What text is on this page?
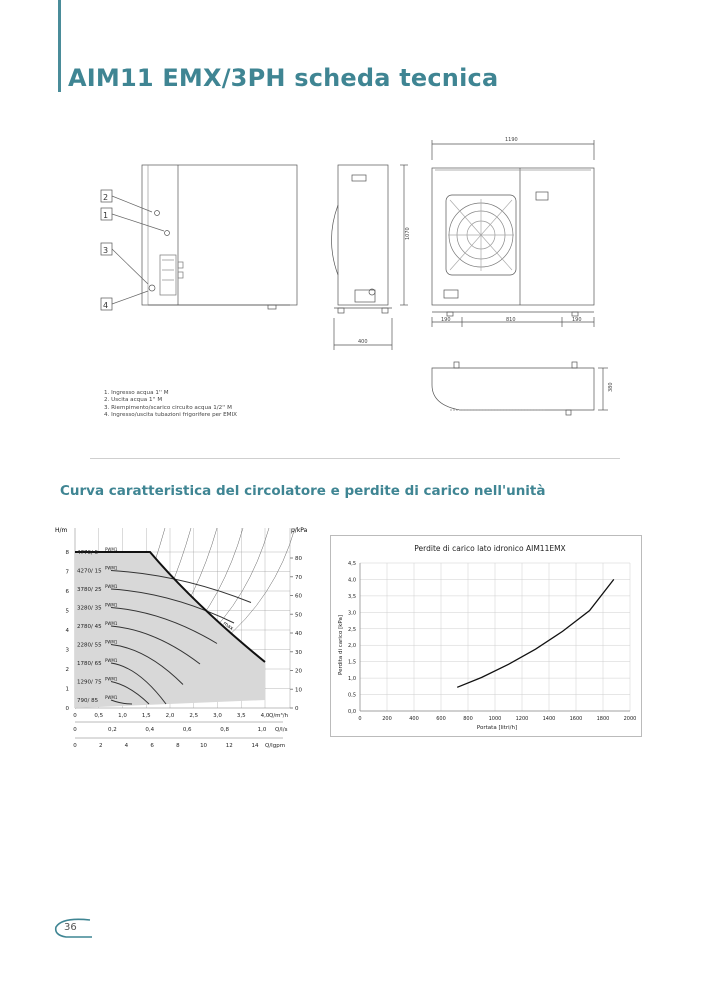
AIM11 EMX/3PH scheda tecnica
2
1
3
4
1190
1070
400
190	810	190
380
1. Ingresso acqua 1'' M
2. Uscita acqua 1'' M
3. Riempimento/scarico circuito acqua 1/2'' M
4. Ingresso/uscita tubazioni frigorifere per EMIX
Curva caratteristica del circolatore e perdite di carico nell'unità
4770/ 5
PWM1
4270/ 15
PWM1
3780/ 25
PWM1
3280/ 35
PWM1
2780/ 45
PWM1
2280/ 55
PWM1
1780/ 65
PWM1
1290/ 75
PWM1
790/ 85
PWM1
8
7
6
5
4
3
2
1
0
80
70
60
50
40
30
20
10
0
0	0,5	1,0	1,5	2,0	2,5	3,0	3,5	4,0 Q/m³/h
0	0,2	0,4	0,6	0,8	1,0 Q/l/s
0	2	4	6	8	10	12	14 Q/lgpm
H/m	p/kPa
max
Perdite di carico lato idronico AIM11EMX
0,0
0,5
1,0
1,5
2,0
2,5
3,0
3,5
4,0
4,5
0	200	400	600	800	1000	1200	1400	1600	1800	2000
Portata [litri/h]
Perdita di carico [kPa]
36
